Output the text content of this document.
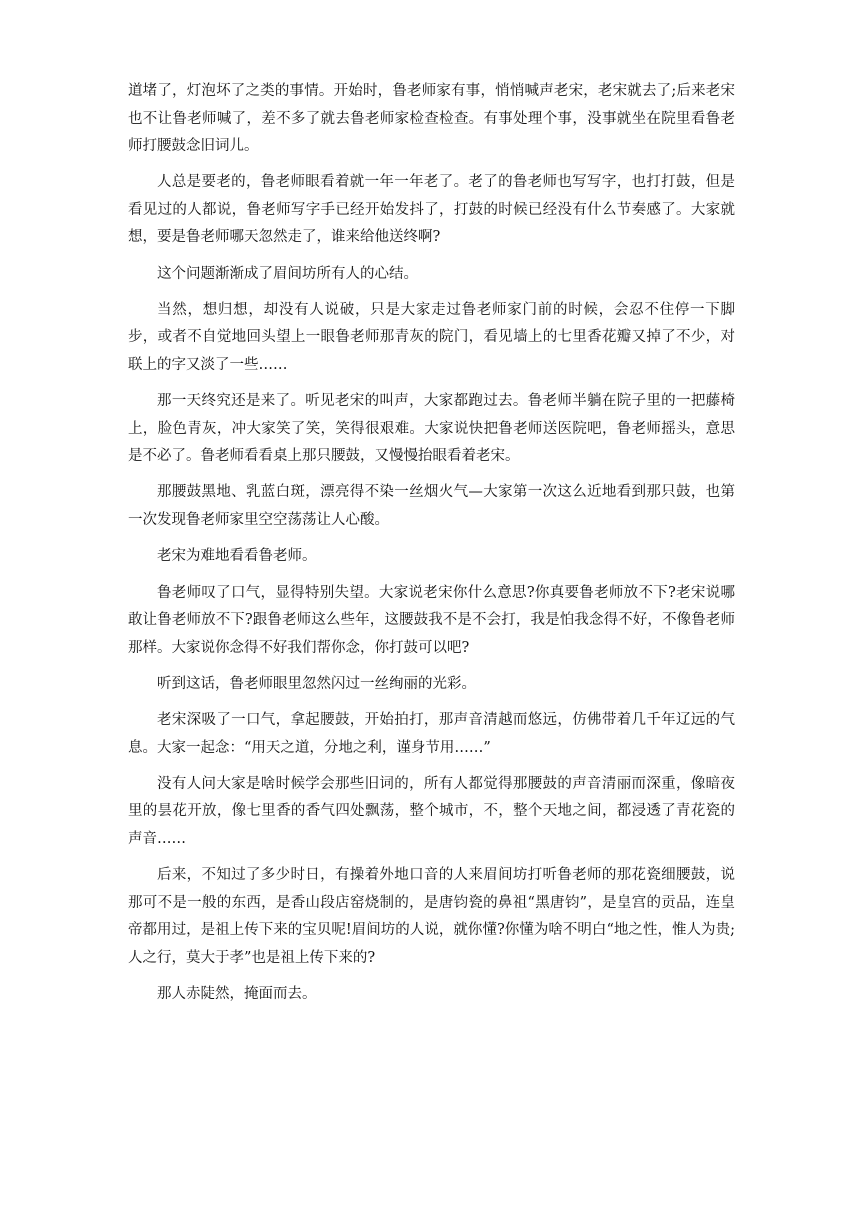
道堵了，灯泡坏了之类的事情。开始时，鲁老师家有事，悄悄喊声老宋，老宋就去了;后来老宋也不让鲁老师喊了，差不多了就去鲁老师家检查检查。有事处理个事，没事就坐在院里看鲁老师打腰鼓念旧词儿。

人总是要老的，鲁老师眼看着就一年一年老了。老了的鲁老师也写写字，也打打鼓，但是看见过的人都说，鲁老师写字手已经开始发抖了，打鼓的时候已经没有什么节奏感了。大家就想，要是鲁老师哪天忽然走了，谁来给他送终啊?

这个问题渐渐成了眉间坊所有人的心结。

当然，想归想，却没有人说破，只是大家走过鲁老师家门前的时候，会忍不住停一下脚步，或者不自觉地回头望上一眼鲁老师那青灰的院门，看见墙上的七里香花瓣又掉了不少，对联上的字又淡了一些……

那一天终究还是来了。听见老宋的叫声，大家都跑过去。鲁老师半躺在院子里的一把藤椅上，脸色青灰，冲大家笑了笑，笑得很艰难。大家说快把鲁老师送医院吧，鲁老师摇头，意思是不必了。鲁老师看看桌上那只腰鼓，又慢慢抬眼看着老宋。

那腰鼓黑地、乳蓝白斑，漂亮得不染一丝烟火气—大家第一次这么近地看到那只鼓，也第一次发现鲁老师家里空空荡荡让人心酸。

老宋为难地看看鲁老师。

鲁老师叹了口气，显得特别失望。大家说老宋你什么意思?你真要鲁老师放不下?老宋说哪敢让鲁老师放不下?跟鲁老师这么些年，这腰鼓我不是不会打，我是怕我念得不好，不像鲁老师那样。大家说你念得不好我们帮你念，你打鼓可以吧?

听到这话，鲁老师眼里忽然闪过一丝绚丽的光彩。

老宋深吸了一口气，拿起腰鼓，开始拍打，那声音清越而悠远，仿佛带着几千年辽远的气息。大家一起念：“用天之道，分地之利，谨身节用……”

没有人问大家是啥时候学会那些旧词的，所有人都觉得那腰鼓的声音清丽而深重，像暗夜里的昙花开放，像七里香的香气四处飘荡，整个城市，不，整个天地之间，都浸透了青花瓷的声音……

后来，不知过了多少时日，有操着外地口音的人来眉间坊打听鲁老师的那花瓷细腰鼓，说那可不是一般的东西，是香山段店窑烧制的，是唐钧瓷的鼻祖“黑唐钧”，是皇宫的贡品，连皇帝都用过，是祖上传下来的宝贝呢!眉间坊的人说，就你懂?你懂为啥不明白“地之性，惟人为贵;人之行，莫大于孝”也是祖上传下来的?

那人赤陡然，掩面而去。
